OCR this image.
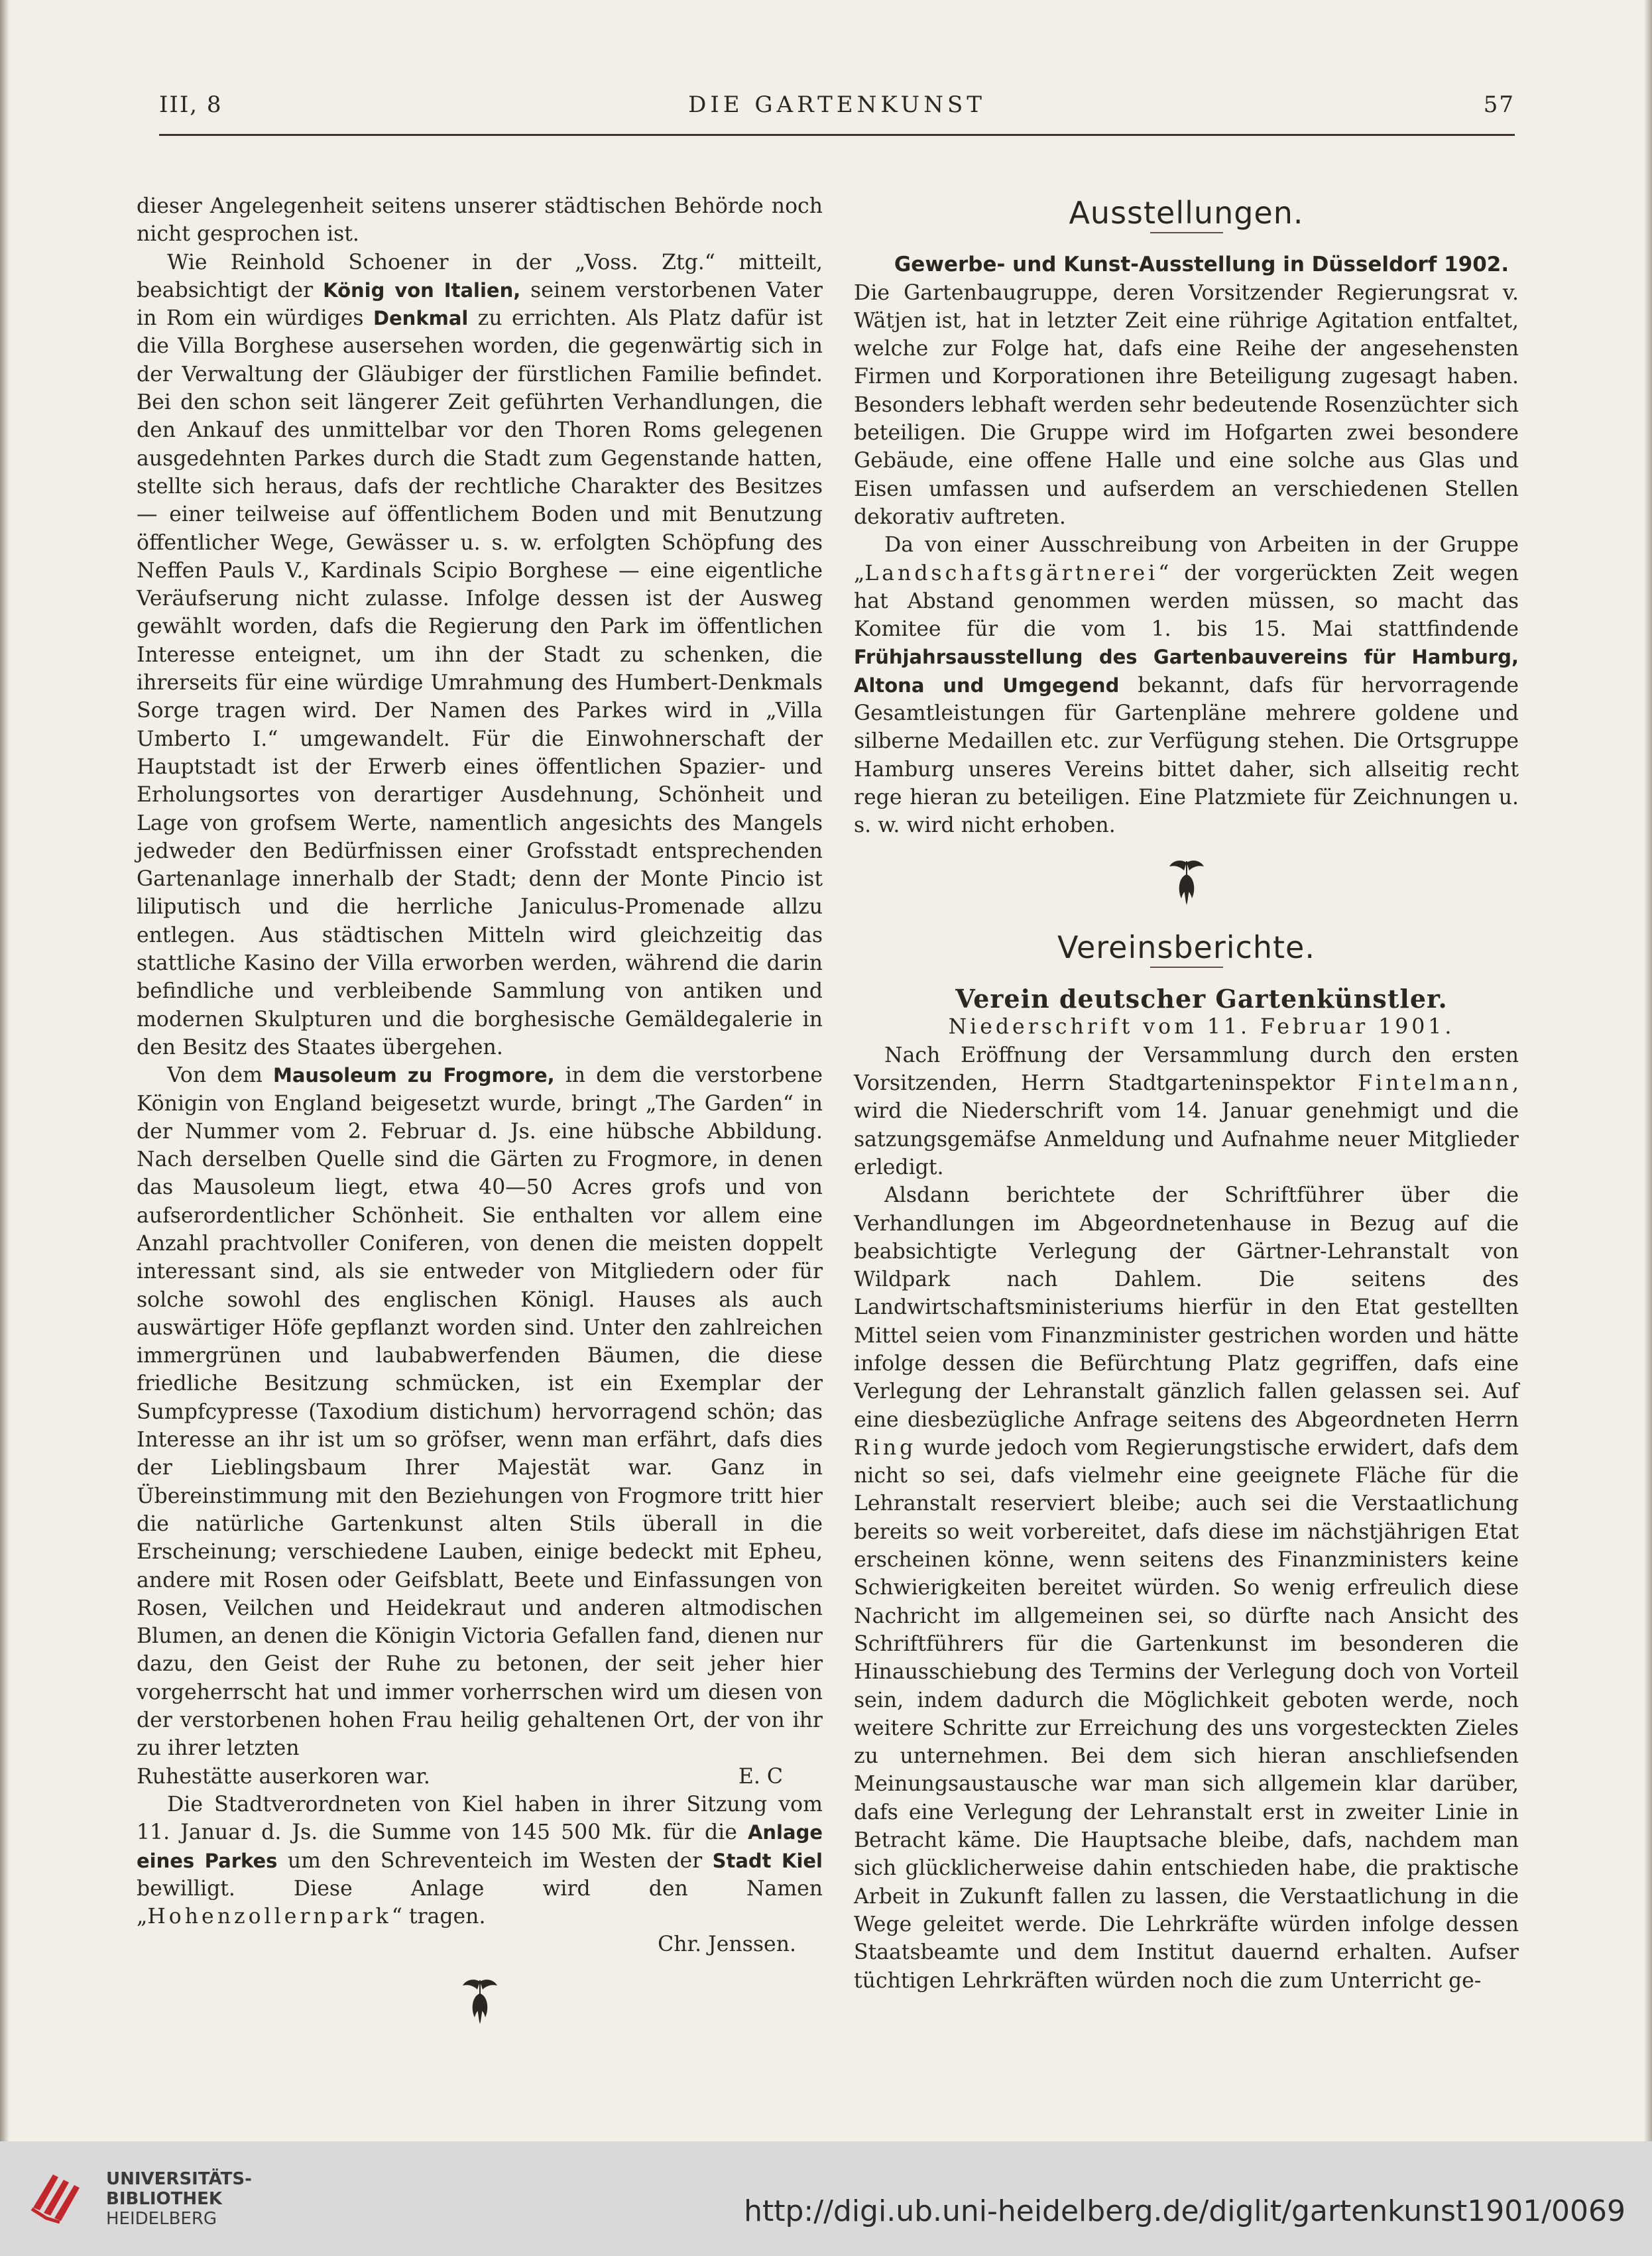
III, 8	DIE GARTENKUNST	57

dieser Angelegenheit seitens unserer städtischen Behörde noch nicht gesprochen ist.

Wie Reinhold Schoener in der „Voss. Ztg.“ mitteilt, beabsichtigt der König von Italien, seinem verstorbenen Vater in Rom ein würdiges Denkmal zu errichten. Als Platz dafür ist die Villa Borghese ausersehen worden, die gegenwärtig sich in der Verwaltung der Gläubiger der fürstlichen Familie befindet. Bei den schon seit längerer Zeit geführten Verhandlungen, die den Ankauf des unmittelbar vor den Thoren Roms gelegenen ausgedehnten Parkes durch die Stadt zum Gegenstande hatten, stellte sich heraus, dafs der rechtliche Charakter des Besitzes — einer teilweise auf öffentlichem Boden und mit Benutzung öffentlicher Wege, Gewässer u. s. w. erfolgten Schöpfung des Neffen Pauls V., Kardinals Scipio Borghese — eine eigentliche Veräufserung nicht zulasse. Infolge dessen ist der Ausweg gewählt worden, dafs die Regierung den Park im öffentlichen Interesse enteignet, um ihn der Stadt zu schenken, die ihrerseits für eine würdige Umrahmung des Humbert-Denkmals Sorge tragen wird. Der Namen des Parkes wird in „Villa Umberto I.“ umgewandelt. Für die Einwohnerschaft der Hauptstadt ist der Erwerb eines öffentlichen Spazier- und Erholungsortes von derartiger Ausdehnung, Schönheit und Lage von grofsem Werte, namentlich angesichts des Mangels jedweder den Bedürfnissen einer Grofsstadt entsprechenden Gartenanlage innerhalb der Stadt; denn der Monte Pincio ist liliputisch und die herrliche Janiculus-Promenade allzu entlegen. Aus städtischen Mitteln wird gleichzeitig das stattliche Kasino der Villa erworben werden, während die darin befindliche und verbleibende Sammlung von antiken und modernen Skulpturen und die borghesische Gemäldegalerie in den Besitz des Staates übergehen.

Von dem Mausoleum zu Frogmore, in dem die verstorbene Königin von England beigesetzt wurde, bringt „The Garden“ in der Nummer vom 2. Februar d. Js. eine hübsche Abbildung. Nach derselben Quelle sind die Gärten zu Frogmore, in denen das Mausoleum liegt, etwa 40—50 Acres grofs und von aufserordentlicher Schönheit. Sie enthalten vor allem eine Anzahl prachtvoller Coniferen, von denen die meisten doppelt interessant sind, als sie entweder von Mitgliedern oder für solche sowohl des englischen Königl. Hauses als auch auswärtiger Höfe gepflanzt worden sind. Unter den zahlreichen immergrünen und laubabwerfenden Bäumen, die diese friedliche Besitzung schmücken, ist ein Exemplar der Sumpfcypresse (Taxodium distichum) hervorragend schön; das Interesse an ihr ist um so gröfser, wenn man erfährt, dafs dies der Lieblingsbaum Ihrer Majestät war. Ganz in Übereinstimmung mit den Beziehungen von Frogmore tritt hier die natürliche Gartenkunst alten Stils überall in die Erscheinung; verschiedene Lauben, einige bedeckt mit Epheu, andere mit Rosen oder Geifsblatt, Beete und Einfassungen von Rosen, Veilchen und Heidekraut und anderen altmodischen Blumen, an denen die Königin Victoria Gefallen fand, dienen nur dazu, den Geist der Ruhe zu betonen, der seit jeher hier vorgeherrscht hat und immer vorherrschen wird um diesen von der verstorbenen hohen Frau heilig gehaltenen Ort, der von ihr zu ihrer letzten

Ruhestätte auserkoren war.	E. C

Die Stadtverordneten von Kiel haben in ihrer Sitzung vom 11. Januar d. Js. die Summe von 145 500 Mk. für die Anlage eines Parkes um den Schreventeich im Westen der Stadt Kiel bewilligt. Diese Anlage wird den Namen „Hohenzollernpark“ tragen.

Chr. Jenssen.

Ausstellungen.

Gewerbe- und Kunst-Ausstellung in Düsseldorf 1902.

Die Gartenbaugruppe, deren Vorsitzender Regierungsrat v. Wätjen ist, hat in letzter Zeit eine rührige Agitation entfaltet, welche zur Folge hat, dafs eine Reihe der angesehensten Firmen und Korporationen ihre Beteiligung zugesagt haben. Besonders lebhaft werden sehr bedeutende Rosenzüchter sich beteiligen. Die Gruppe wird im Hofgarten zwei besondere Gebäude, eine offene Halle und eine solche aus Glas und Eisen umfassen und aufserdem an verschiedenen Stellen dekorativ auftreten.

Da von einer Ausschreibung von Arbeiten in der Gruppe „Landschaftsgärtnerei“ der vorgerückten Zeit wegen hat Abstand genommen werden müssen, so macht das Komitee für die vom 1. bis 15. Mai stattfindende Frühjahrsausstellung des Gartenbauvereins für Hamburg, Altona und Umgegend bekannt, dafs für hervorragende Gesamtleistungen für Gartenpläne mehrere goldene und silberne Medaillen etc. zur Verfügung stehen. Die Ortsgruppe Hamburg unseres Vereins bittet daher, sich allseitig recht rege hieran zu beteiligen. Eine Platzmiete für Zeichnungen u. s. w. wird nicht erhoben.

Vereinsberichte.

Verein deutscher Gartenkünstler.

Niederschrift vom 11. Februar 1901.

Nach Eröffnung der Versammlung durch den ersten Vorsitzenden, Herrn Stadtgarteninspektor Fintelmann, wird die Niederschrift vom 14. Januar genehmigt und die satzungsgemäfse Anmeldung und Aufnahme neuer Mitglieder erledigt.

Alsdann berichtete der Schriftführer über die Verhandlungen im Abgeordnetenhause in Bezug auf die beabsichtigte Verlegung der Gärtner-Lehranstalt von Wildpark nach Dahlem. Die seitens des Landwirtschaftsministeriums hierfür in den Etat gestellten Mittel seien vom Finanzminister gestrichen worden und hätte infolge dessen die Befürchtung Platz gegriffen, dafs eine Verlegung der Lehranstalt gänzlich fallen gelassen sei. Auf eine diesbezügliche Anfrage seitens des Abgeordneten Herrn Ring wurde jedoch vom Regierungstische erwidert, dafs dem nicht so sei, dafs vielmehr eine geeignete Fläche für die Lehranstalt reserviert bleibe; auch sei die Verstaatlichung bereits so weit vorbereitet, dafs diese im nächstjährigen Etat erscheinen könne, wenn seitens des Finanzministers keine Schwierigkeiten bereitet würden. So wenig erfreulich diese Nachricht im allgemeinen sei, so dürfte nach Ansicht des Schriftführers für die Gartenkunst im besonderen die Hinausschiebung des Termins der Verlegung doch von Vorteil sein, indem dadurch die Möglichkeit geboten werde, noch weitere Schritte zur Erreichung des uns vorgesteckten Zieles zu unternehmen. Bei dem sich hieran anschliefsenden Meinungsaustausche war man sich allgemein klar darüber, dafs eine Verlegung der Lehranstalt erst in zweiter Linie in Betracht käme. Die Hauptsache bleibe, dafs, nachdem man sich glücklicherweise dahin entschieden habe, die praktische Arbeit in Zukunft fallen zu lassen, die Verstaatlichung in die Wege geleitet werde. Die Lehrkräfte würden infolge dessen Staatsbeamte und dem Institut dauernd erhalten. Aufser tüchtigen Lehrkräften würden noch die zum Unterricht ge-

UNIVERSITÄTS-
BIBLIOTHEK
HEIDELBERG	http://digi.ub.uni-heidelberg.de/diglit/gartenkunst1901/0069
